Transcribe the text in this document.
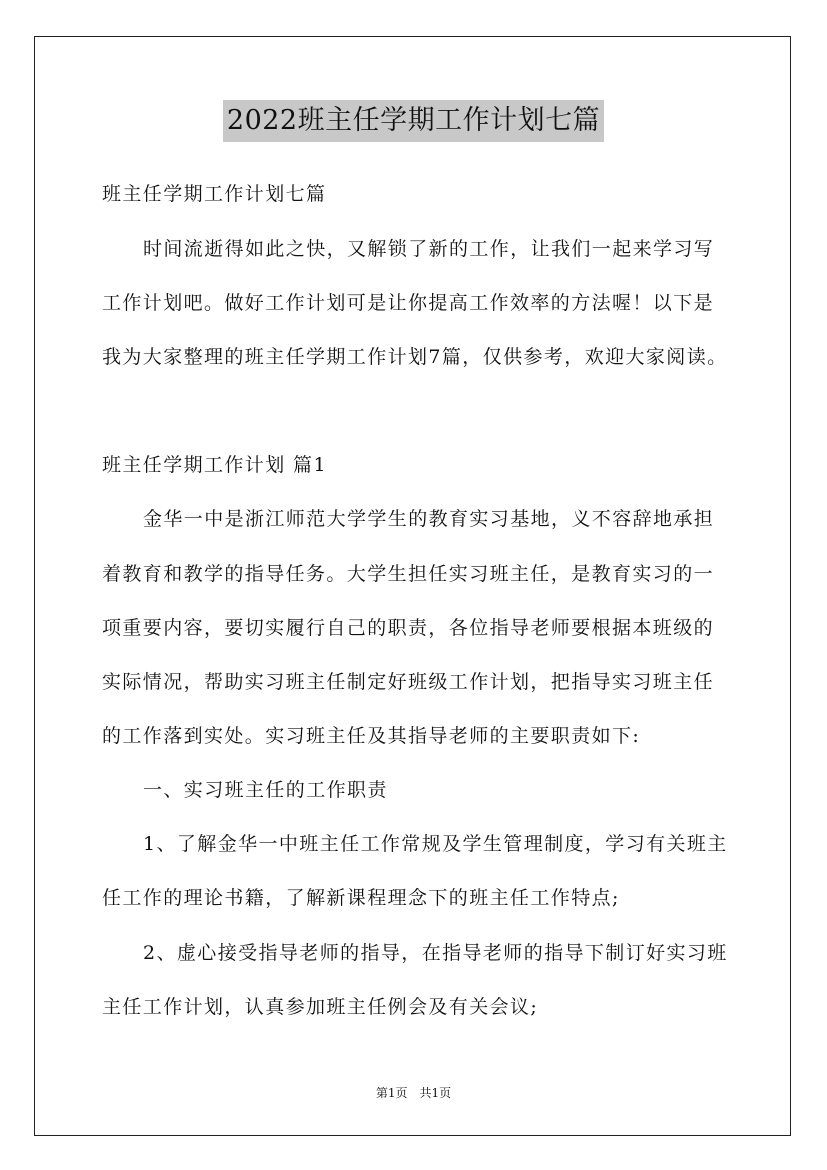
2022班主任学期工作计划七篇
班主任学期工作计划七篇
时间流逝得如此之快，又解锁了新的工作，让我们一起来学习写
工作计划吧。做好工作计划可是让你提高工作效率的方法喔！以下是
我为大家整理的班主任学期工作计划7篇，仅供参考，欢迎大家阅读。
班主任学期工作计划 篇1
金华一中是浙江师范大学学生的教育实习基地，义不容辞地承担
着教育和教学的指导任务。大学生担任实习班主任，是教育实习的一
项重要内容，要切实履行自己的职责，各位指导老师要根据本班级的
实际情况，帮助实习班主任制定好班级工作计划，把指导实习班主任
的工作落到实处。实习班主任及其指导老师的主要职责如下:
一、实习班主任的工作职责
1、了解金华一中班主任工作常规及学生管理制度，学习有关班主
任工作的理论书籍，了解新课程理念下的班主任工作特点;
2、虚心接受指导老师的指导，在指导老师的指导下制订好实习班
主任工作计划，认真参加班主任例会及有关会议;
第1页　共1页
